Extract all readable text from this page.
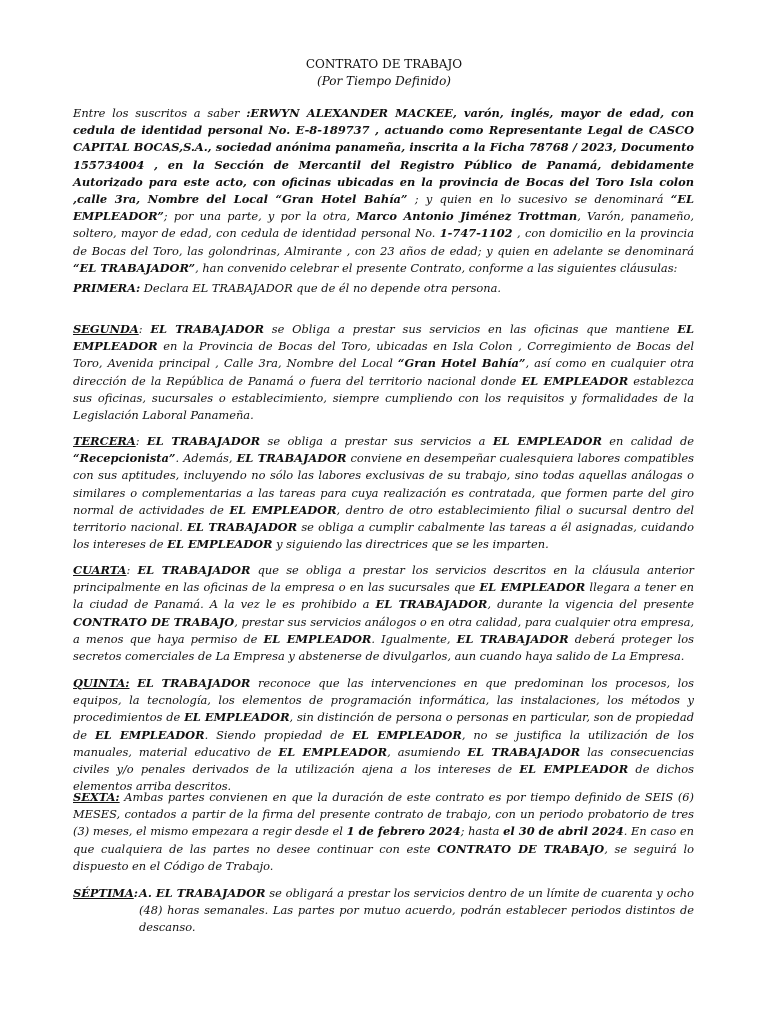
CONTRATO DE TRABAJO
(Por Tiempo Definido)
Entre los suscritos a saber :ERWYN ALEXANDER MACKEE, varón, inglés, mayor de edad, con cedula de identidad personal No. E-8-189737 , actuando como Representante Legal de CASCO CAPITAL BOCAS,S.A., sociedad anónima panameña, inscrita a la Ficha 78768 / 2023, Documento 155734004 , en la Sección de Mercantil del Registro Público de Panamá, debidamente Autorizado para este acto, con oficinas ubicadas en la provincia de Bocas del Toro Isla colon ,calle 3ra, Nombre del Local “Gran Hotel Bahía” ; y quien en lo sucesivo se denominará “EL EMPLEADOR”; por una parte, y por la otra, Marco Antonio Jiménez Trottman, Varón, panameño, soltero, mayor de edad, con cedula de identidad personal No. 1-747-1102 , con domicilio en la provincia de Bocas del Toro, las golondrinas, Almirante , con 23 años de edad; y quien en adelante se denominará “EL TRABAJADOR”, han convenido celebrar el presente Contrato, conforme a las siguientes cláusulas:
PRIMERA: Declara EL TRABAJADOR que de él no depende otra persona.
SEGUNDA: EL TRABAJADOR se Obliga a prestar sus servicios en las oficinas que mantiene EL EMPLEADOR en la Provincia de Bocas del Toro, ubicadas en Isla Colon , Corregimiento de Bocas del Toro, Avenida principal , Calle 3ra, Nombre del Local “Gran Hotel Bahía”, así como en cualquier otra dirección de la República de Panamá o fuera del territorio nacional donde EL EMPLEADOR establezca sus oficinas, sucursales o establecimiento, siempre cumpliendo con los requisitos y formalidades de la Legislación Laboral Panameña.
TERCERA: EL TRABAJADOR se obliga a prestar sus servicios a EL EMPLEADOR en calidad de “Recepcionista”. Además, EL TRABAJADOR conviene en desempeñar cualesquiera labores compatibles con sus aptitudes, incluyendo no sólo las labores exclusivas de su trabajo, sino todas aquellas análogas o similares o complementarias a las tareas para cuya realización es contratada, que formen parte del giro normal de actividades de EL EMPLEADOR, dentro de otro establecimiento filial o sucursal dentro del territorio nacional. EL TRABAJADOR se obliga a cumplir cabalmente las tareas a él asignadas, cuidando los intereses de EL EMPLEADOR y siguiendo las directrices que se les imparten.
CUARTA: EL TRABAJADOR que se obliga a prestar los servicios descritos en la cláusula anterior principalmente en las oficinas de la empresa o en las sucursales que EL EMPLEADOR llegara a tener en la ciudad de Panamá. A la vez le es prohibido a EL TRABAJADOR, durante la vigencia del presente CONTRATO DE TRABAJO, prestar sus servicios análogos o en otra calidad, para cualquier otra empresa, a menos que haya permiso de EL EMPLEADOR. Igualmente, EL TRABAJADOR deberá proteger los secretos comerciales de La Empresa y abstenerse de divulgarlos, aun cuando haya salido de La Empresa.
QUINTA: EL TRABAJADOR reconoce que las intervenciones en que predominan los procesos, los equipos, la tecnología, los elementos de programación informática, las instalaciones, los métodos y procedimientos de EL EMPLEADOR, sin distinción de persona o personas en particular, son de propiedad de EL EMPLEADOR. Siendo propiedad de EL EMPLEADOR, no se justifica la utilización de los manuales, material educativo de EL EMPLEADOR, asumiendo EL TRABAJADOR las consecuencias civiles y/o penales derivados de la utilización ajena a los intereses de EL EMPLEADOR de dichos elementos arriba descritos.
SEXTA: Ambas partes convienen en que la duración de este contrato es por tiempo definido de SEIS (6) MESES, contados a partir de la firma del presente contrato de trabajo, con un periodo probatorio de tres (3) meses, el mismo empezara a regir desde el 1 de febrero 2024; hasta el 30 de abril 2024. En caso en que cualquiera de las partes no desee continuar con este CONTRATO DE TRABAJO, se seguirá lo dispuesto en el Código de Trabajo.
SÉPTIMA: A. EL TRABAJADOR se obligará a prestar los servicios dentro de un límite de cuarenta y ocho (48) horas semanales. Las partes por mutuo acuerdo, podrán establecer periodos distintos de descanso.
